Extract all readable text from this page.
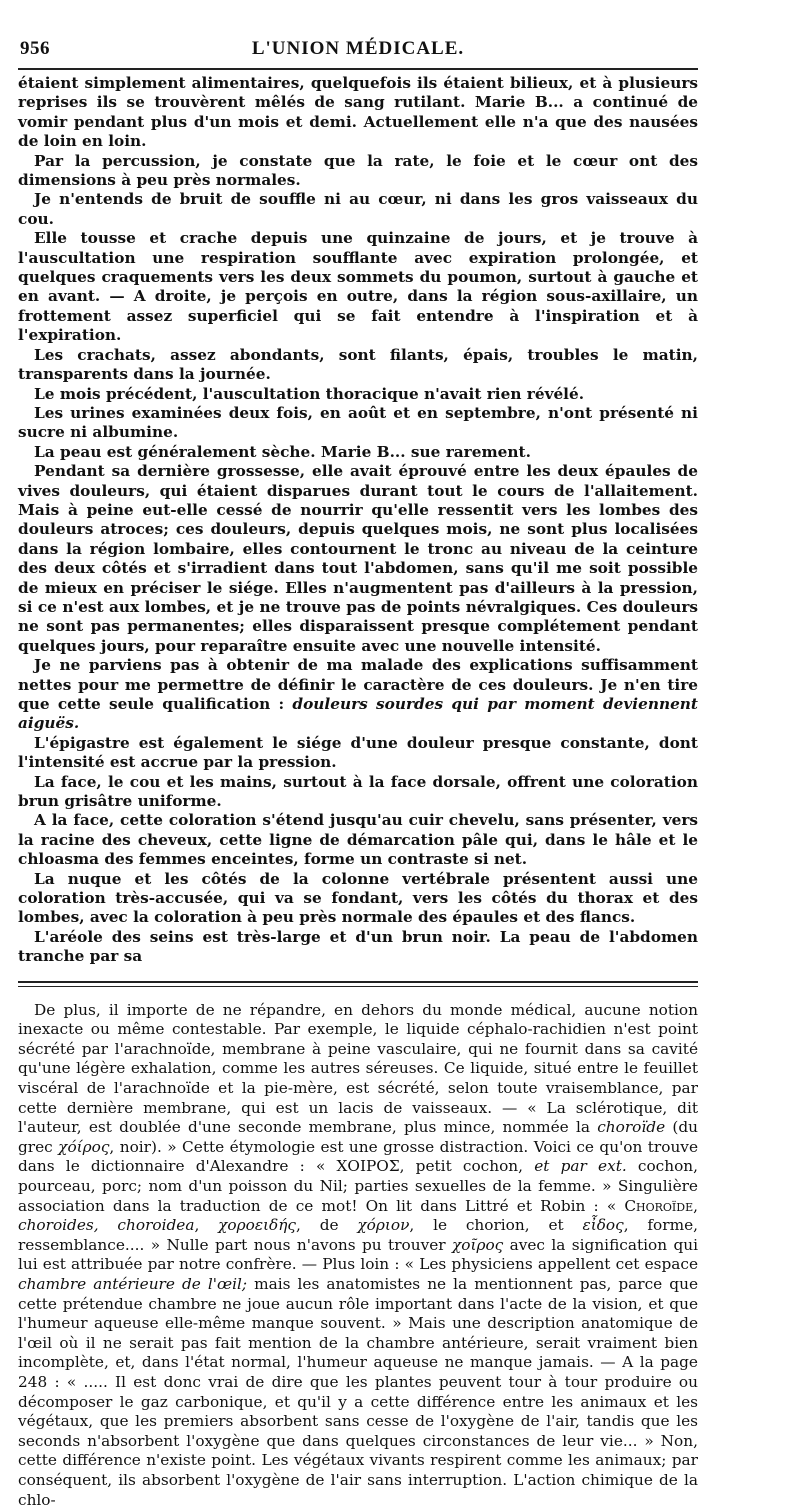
956	L'UNION MÉDICALE.

étaient simplement alimentaires, quelquefois ils étaient bilieux, et à plusieurs reprises ils se trouvèrent mêlés de sang rutilant. Marie B... a continué de vomir pendant plus d'un mois et demi. Actuellement elle n'a que des nausées de loin en loin.

Par la percussion, je constate que la rate, le foie et le cœur ont des dimensions à peu près normales.

Je n'entends de bruit de souffle ni au cœur, ni dans les gros vaisseaux du cou.

Elle tousse et crache depuis une quinzaine de jours, et je trouve à l'auscultation une respiration soufflante avec expiration prolongée, et quelques craquements vers les deux sommets du poumon, surtout à gauche et en avant. — A droite, je perçois en outre, dans la région sous-axillaire, un frottement assez superficiel qui se fait entendre à l'inspiration et à l'expiration.

Les crachats, assez abondants, sont filants, épais, troubles le matin, transparents dans la journée.

Le mois précédent, l'auscultation thoracique n'avait rien révélé.

Les urines examinées deux fois, en août et en septembre, n'ont présenté ni sucre ni albumine.

La peau est généralement sèche. Marie B... sue rarement.

Pendant sa dernière grossesse, elle avait éprouvé entre les deux épaules de vives douleurs, qui étaient disparues durant tout le cours de l'allaitement. Mais à peine eut-elle cessé de nourrir qu'elle ressentit vers les lombes des douleurs atroces; ces douleurs, depuis quelques mois, ne sont plus localisées dans la région lombaire, elles contournent le tronc au niveau de la ceinture des deux côtés et s'irradient dans tout l'abdomen, sans qu'il me soit possible de mieux en préciser le siége. Elles n'augmentent pas d'ailleurs à la pression, si ce n'est aux lombes, et je ne trouve pas de points névralgiques. Ces douleurs ne sont pas permanentes; elles disparaissent presque complétement pendant quelques jours, pour reparaître ensuite avec une nouvelle intensité.

Je ne parviens pas à obtenir de ma malade des explications suffisamment nettes pour me permettre de définir le caractère de ces douleurs. Je n'en tire que cette seule qualification : douleurs sourdes qui par moment deviennent aiguës.

L'épigastre est également le siége d'une douleur presque constante, dont l'intensité est accrue par la pression.

La face, le cou et les mains, surtout à la face dorsale, offrent une coloration brun grisâtre uniforme.

A la face, cette coloration s'étend jusqu'au cuir chevelu, sans présenter, vers la racine des cheveux, cette ligne de démarcation pâle qui, dans le hâle et le chloasma des femmes enceintes, forme un contraste si net.

La nuque et les côtés de la colonne vertébrale présentent aussi une coloration très-accusée, qui va se fondant, vers les côtés du thorax et des lombes, avec la coloration à peu près normale des épaules et des flancs.

L'aréole des seins est très-large et d'un brun noir. La peau de l'abdomen tranche par sa

De plus, il importe de ne répandre, en dehors du monde médical, aucune notion inexacte ou même contestable. Par exemple, le liquide céphalo-rachidien n'est point sécrété par l'arachnoïde, membrane à peine vasculaire, qui ne fournit dans sa cavité qu'une légère exhalation, comme les autres séreuses. Ce liquide, situé entre le feuillet viscéral de l'arachnoïde et la pie-mère, est sécrété, selon toute vraisemblance, par cette dernière membrane, qui est un lacis de vaisseaux. — « La sclérotique, dit l'auteur, est doublée d'une seconde membrane, plus mince, nommée la choroïde (du grec χόίρος, noir). » Cette étymologie est une grosse distraction. Voici ce qu'on trouve dans le dictionnaire d'Alexandre : « ΧΟΙΡΟΣ, petit cochon, et par ext. cochon, pourceau, porc; nom d'un poisson du Nil; parties sexuelles de la femme. » Singulière association dans la traduction de ce mot! On lit dans Littré et Robin : « Choroïde, choroides, choroidea, χοροειδής, de χόριον, le chorion, et εἶδος, forme, ressemblance.... » Nulle part nous n'avons pu trouver χοῖρος avec la signification qui lui est attribuée par notre confrère. — Plus loin : « Les physiciens appellent cet espace chambre antérieure de l'œil; mais les anatomistes ne la mentionnent pas, parce que cette prétendue chambre ne joue aucun rôle important dans l'acte de la vision, et que l'humeur aqueuse elle-même manque souvent. » Mais une description anatomique de l'œil où il ne serait pas fait mention de la chambre antérieure, serait vraiment bien incomplète, et, dans l'état normal, l'humeur aqueuse ne manque jamais. — A la page 248 : « ..... Il est donc vrai de dire que les plantes peuvent tour à tour produire ou décomposer le gaz carbonique, et qu'il y a cette différence entre les animaux et les végétaux, que les premiers absorbent sans cesse de l'oxygène de l'air, tandis que les seconds n'absorbent l'oxygène que dans quelques circonstances de leur vie... » Non, cette différence n'existe point. Les végétaux vivants respirent comme les animaux; par conséquent, ils absorbent l'oxygène de l'air sans interruption. L'action chimique de la chlo-
